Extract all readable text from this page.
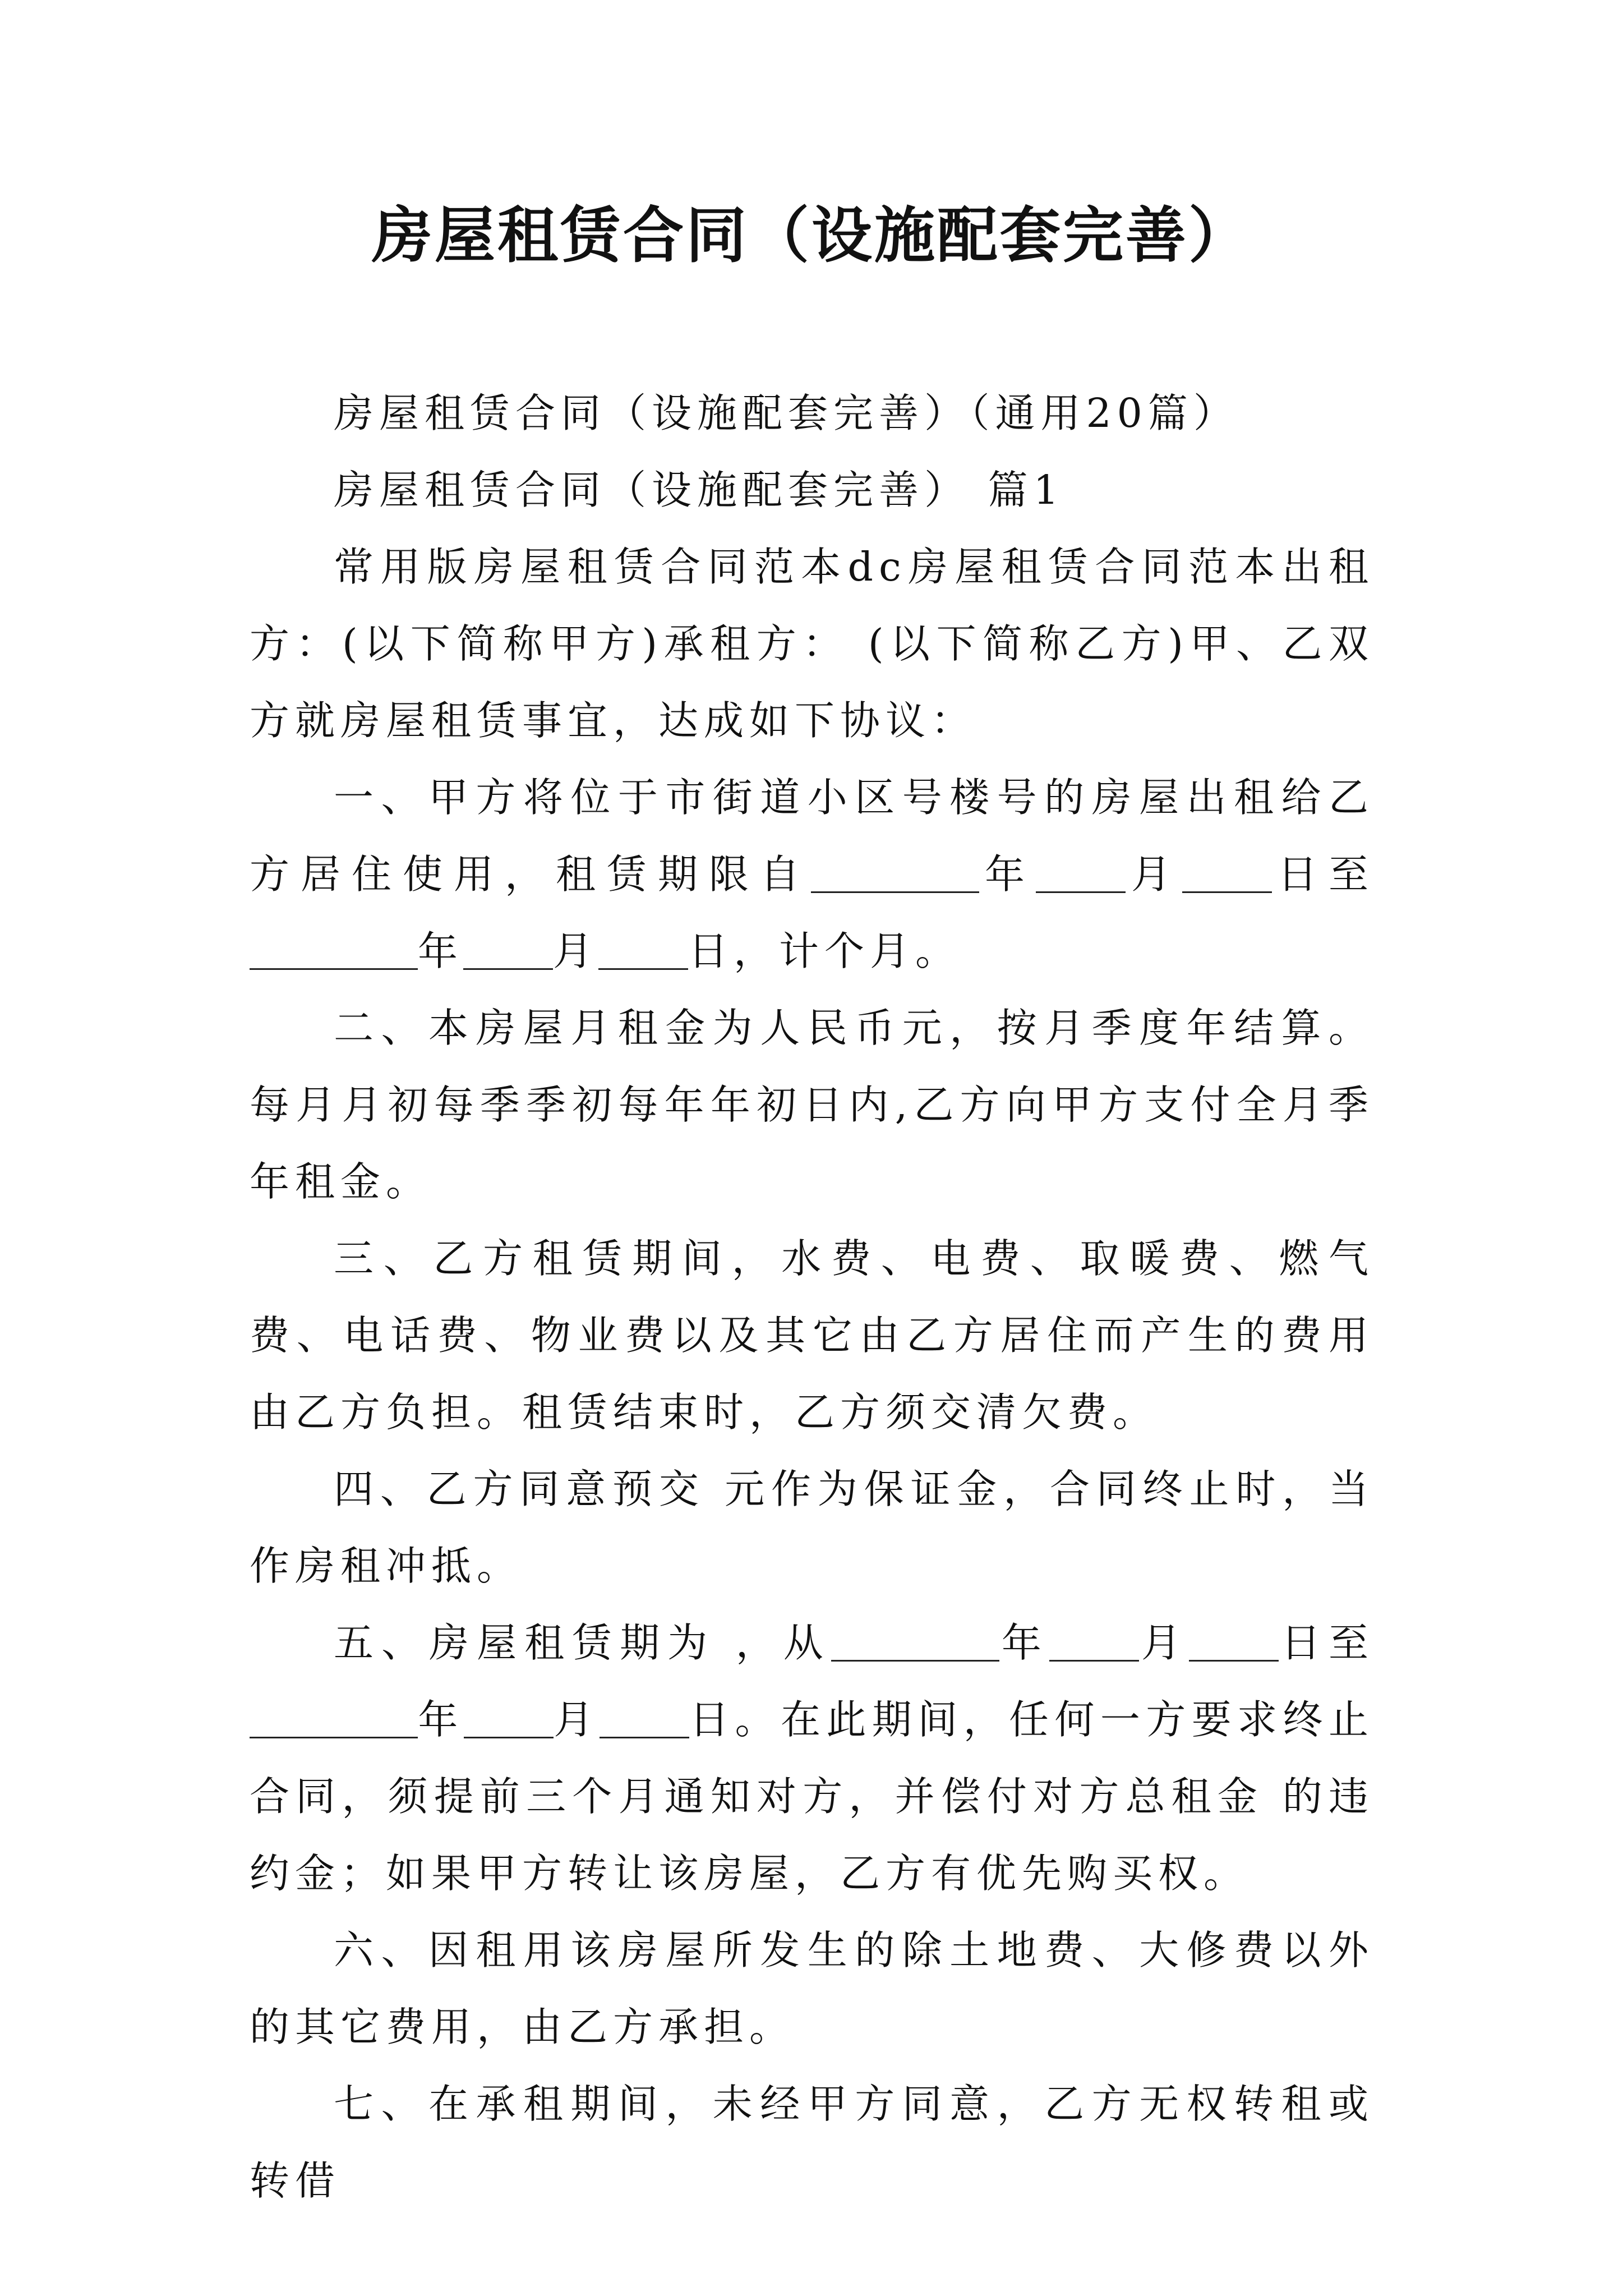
房屋租赁合同（设施配套完善）

房屋租赁合同（设施配套完善）（通用20篇）

房屋租赁合同（设施配套完善） 篇1

常用版房屋租赁合同范本dc房屋租赁合同范本出租方：(以下简称甲方)承租方： (以下简称乙方)甲、乙双方就房屋租赁事宜，达成如下协议：

一、甲方将位于市街道小区号楼号的房屋出租给乙方居住使用，租赁期限自	年 月 日至年 月 日，计个月。

二、本房屋月租金为人民币元，按月季度年结算。每月月初每季季初每年年初日内,乙方向甲方支付全月季年租金。

三、乙方租赁期间，水费、电费、取暖费、燃气费、电话费、物业费以及其它由乙方居住而产生的费用由乙方负担。租赁结束时，乙方须交清欠费。

四、乙方同意预交 元作为保证金，合同终止时，当作房租冲抵。

五、房屋租赁期为 ，从	年 月 日至年 月 日。在此期间，任何一方要求终止合同，须提前三个月通知对方，并偿付对方总租金 的违约金；如果甲方转让该房屋，乙方有优先购买权。

六、因租用该房屋所发生的除土地费、大修费以外的其它费用，由乙方承担。

七、在承租期间，未经甲方同意，乙方无权转租或转借
